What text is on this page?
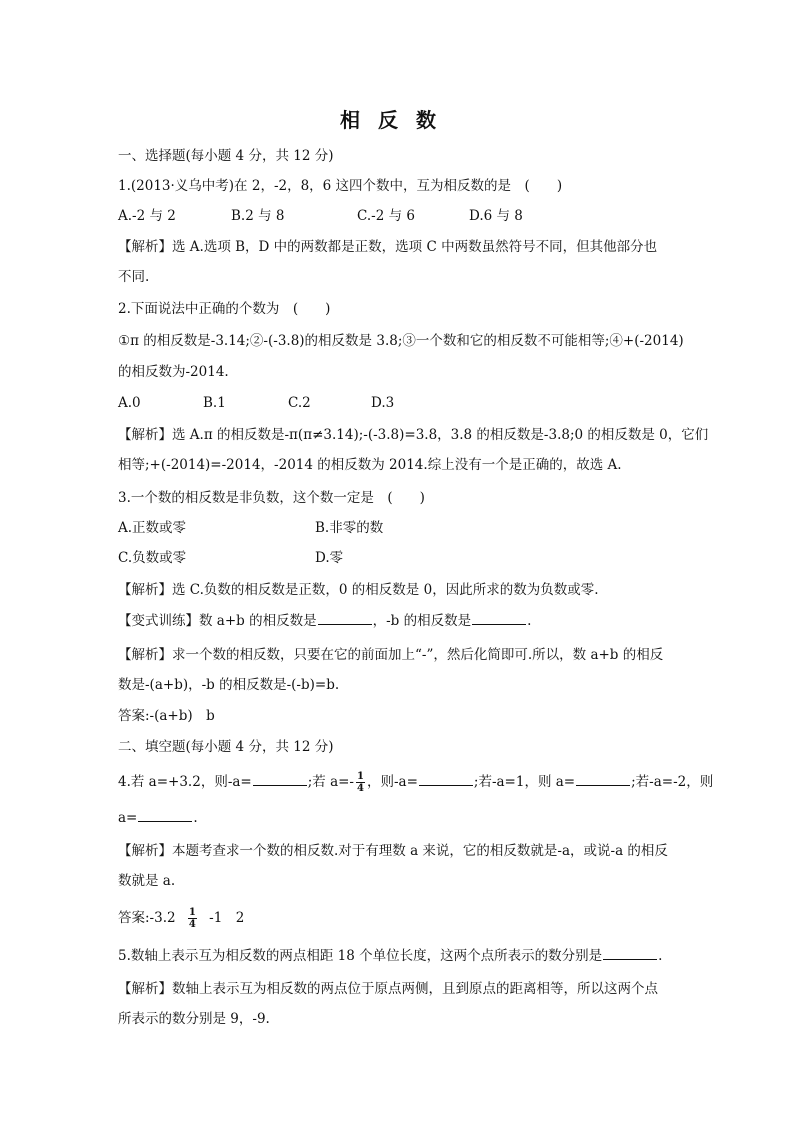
相反数
一、选择题(每小题 4 分，共 12 分)
1.(2013·义乌中考)在 2，-2，8，6 这四个数中，互为相反数的是　(　　)
A.-2 与 2	B.2 与 8	C.-2 与 6	D.6 与 8
【解析】选 A.选项 B，D 中的两数都是正数，选项 C 中两数虽然符号不同，但其他部分也
不同.
2.下面说法中正确的个数为　(　　)
①π 的相反数是-3.14;②-(-3.8)的相反数是 3.8;③一个数和它的相反数不可能相等;④+(-2014)
的相反数为-2014.
A.0	B.1	C.2	D.3
【解析】选 A.π 的相反数是-π(π≠3.14);-(-3.8)=3.8，3.8 的相反数是-3.8;0 的相反数是 0，它们
相等;+(-2014)=-2014，-2014 的相反数为 2014.综上没有一个是正确的，故选 A.
3.一个数的相反数是非负数，这个数一定是　(　　)
A.正数或零	B.非零的数
C.负数或零	D.零
【解析】选 C.负数的相反数是正数，0 的相反数是 0，因此所求的数为负数或零.
【变式训练】数 a+b 的相反数是	，-b 的相反数是	.
【解析】求一个数的相反数，只要在它的前面加上“-”，然后化简即可.所以，数 a+b 的相反
数是-(a+b)，-b 的相反数是-(-b)=b.
答案:-(a+b)　b
二、填空题(每小题 4 分，共 12 分)
4.若 a=+3.2，则-a=	;若 $a=- \frac{1}{4}$ ，则-a=	;若-a=1，则 a=	;若-a=-2，则
a=	.
【解析】本题考查求一个数的相反数.对于有理数 a 来说，它的相反数就是-a，或说-a 的相反
数就是 a.
答案:-3.2 $\frac{1}{4} -1$　2
5.数轴上表示互为相反数的两点相距 18 个单位长度，这两个点所表示的数分别是	.
【解析】数轴上表示互为相反数的两点位于原点两侧，且到原点的距离相等，所以这两个点
所表示的数分别是 9，-9.
